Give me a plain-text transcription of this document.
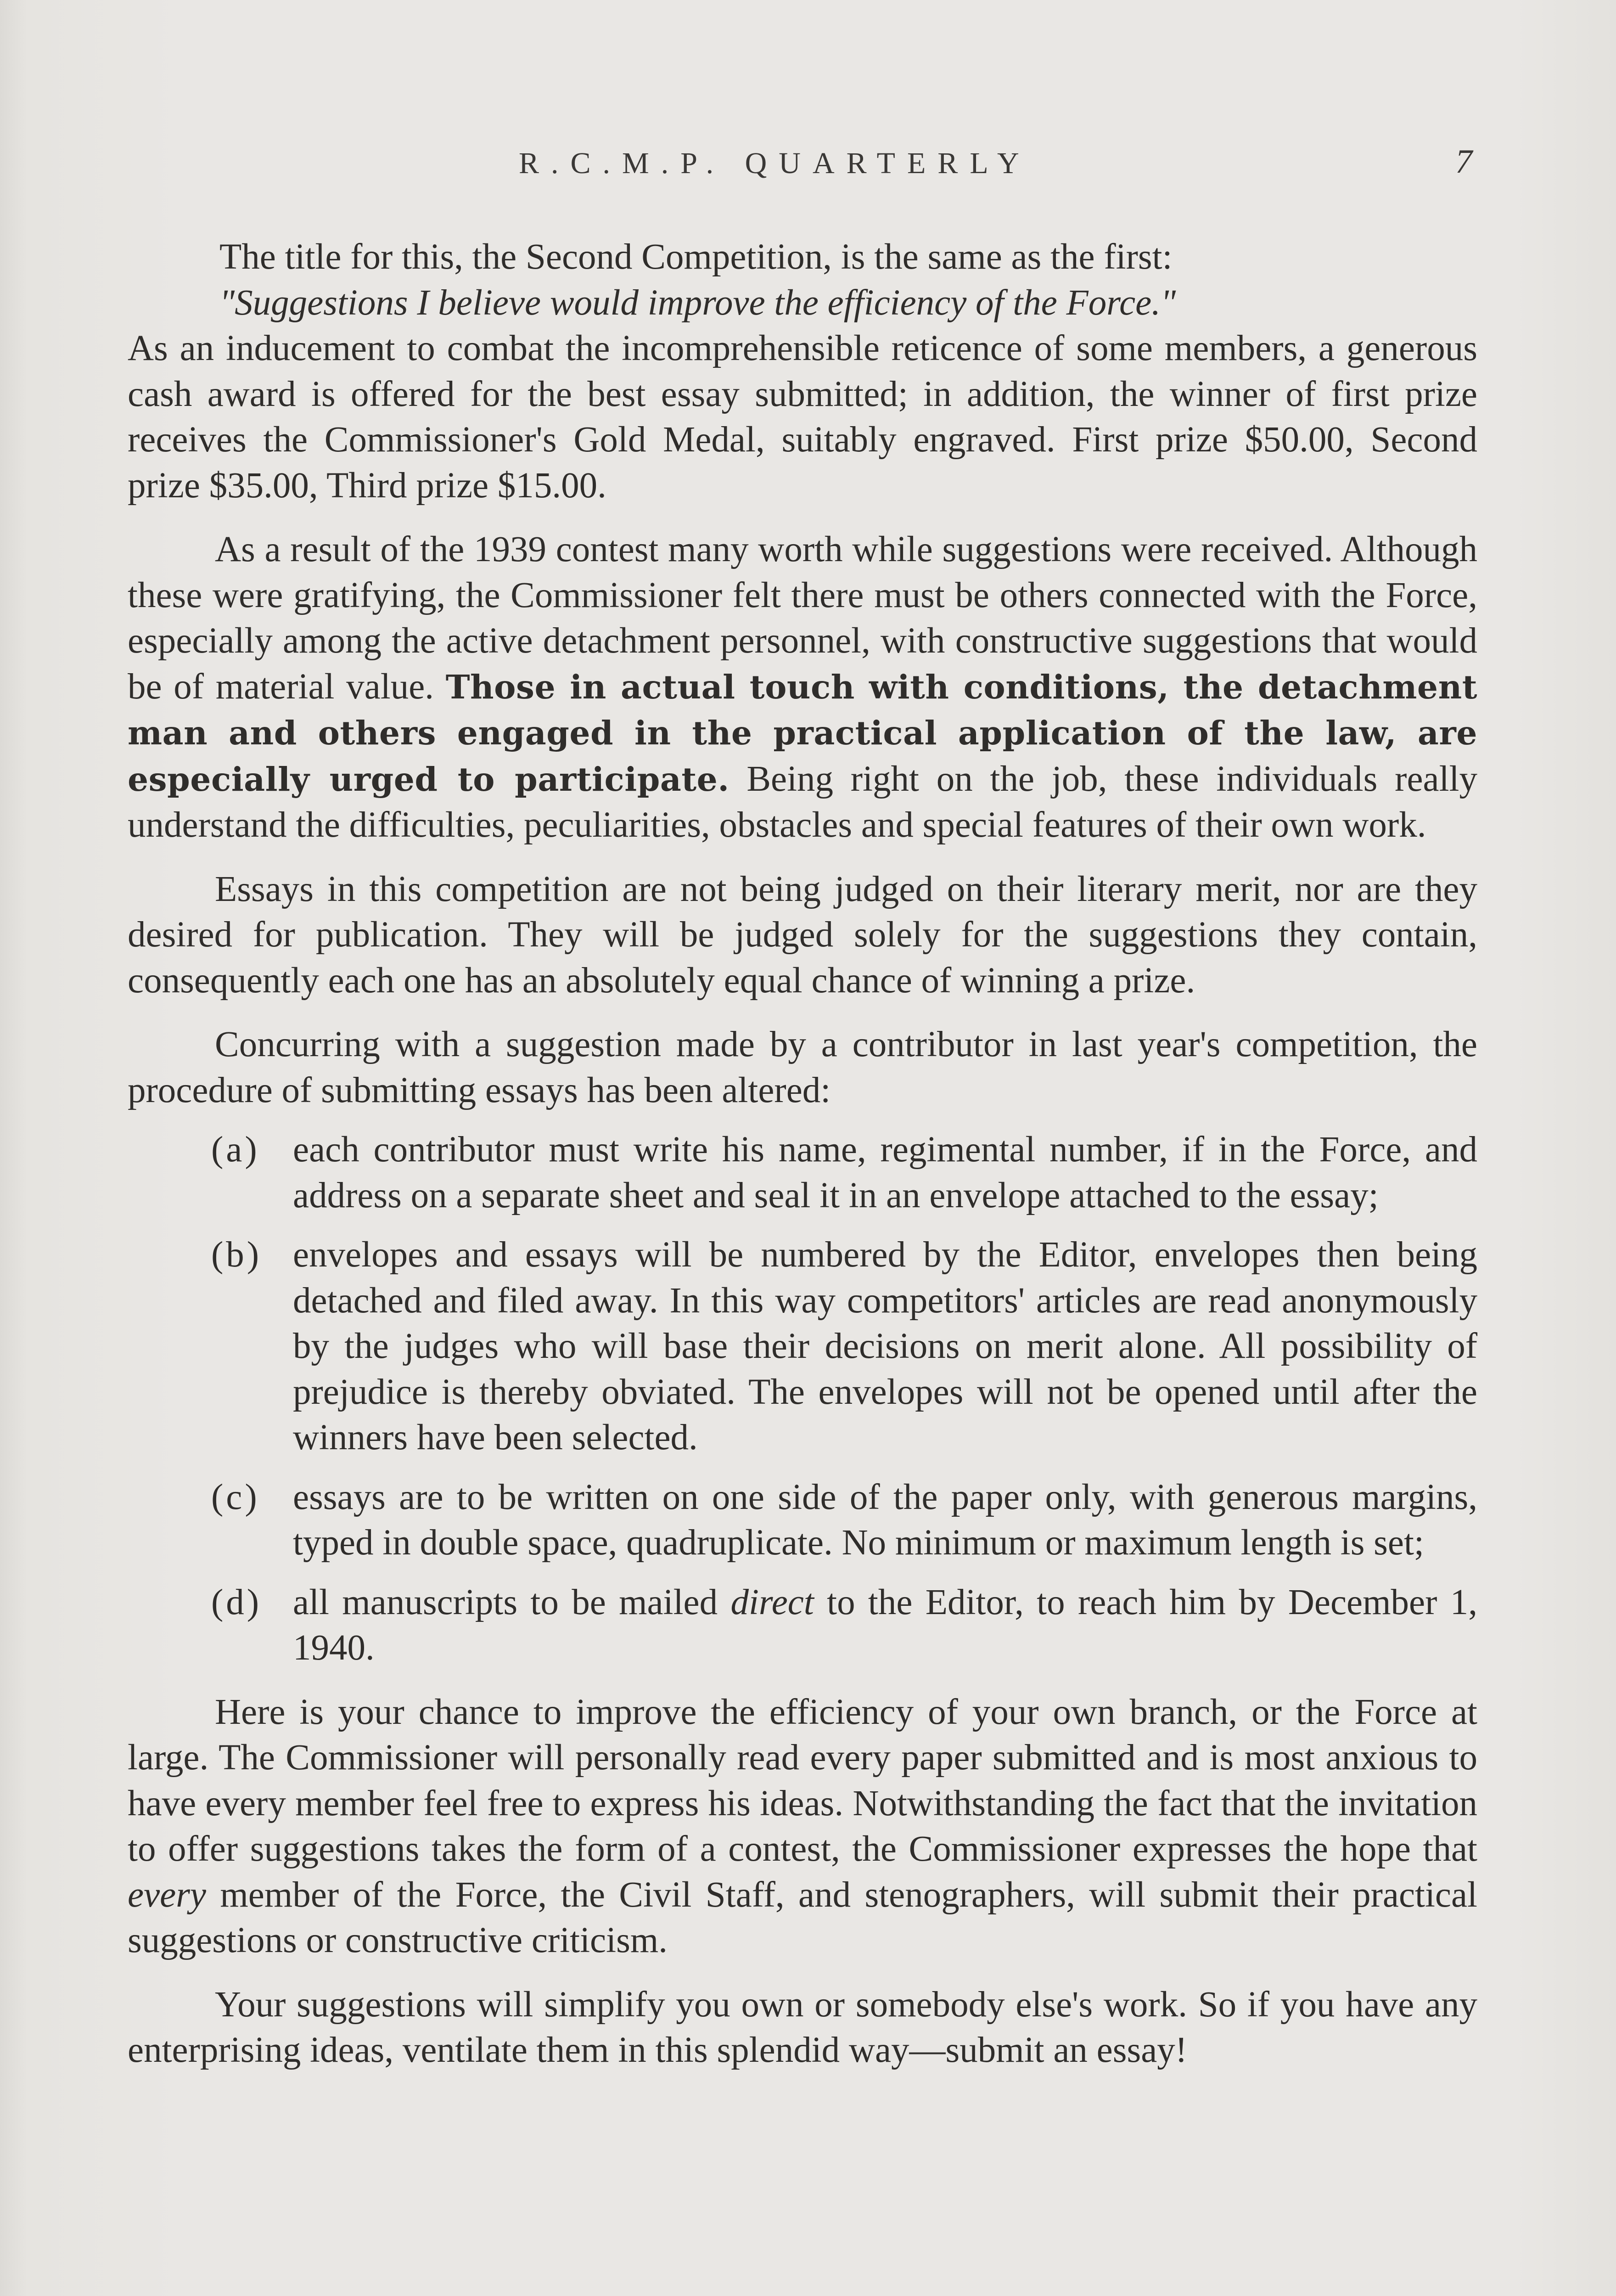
R.C.M.P. QUARTERLY	7

The title for this, the Second Competition, is the same as the first:

"Suggestions I believe would improve the efficiency of the Force."

As an inducement to combat the incomprehensible reticence of some members, a generous cash award is offered for the best essay submitted; in addition, the winner of first prize receives the Commissioner's Gold Medal, suitably engraved. First prize $50.00, Second prize $35.00, Third prize $15.00.

As a result of the 1939 contest many worth while suggestions were received. Although these were gratifying, the Commissioner felt there must be others connected with the Force, especially among the active detachment personnel, with constructive suggestions that would be of material value. Those in actual touch with conditions, the detachment man and others engaged in the practical application of the law, are especially urged to participate. Being right on the job, these individuals really understand the difficulties, peculiarities, obstacles and special features of their own work.

Essays in this competition are not being judged on their literary merit, nor are they desired for publication. They will be judged solely for the suggestions they contain, consequently each one has an absolutely equal chance of winning a prize.

Concurring with a suggestion made by a contributor in last year's competition, the procedure of submitting essays has been altered:

(a) each contributor must write his name, regimental number, if in the Force, and address on a separate sheet and seal it in an envelope attached to the essay;
(b) envelopes and essays will be numbered by the Editor, envelopes then being detached and filed away. In this way competitors' articles are read anonymously by the judges who will base their decisions on merit alone. All possibility of prejudice is thereby obviated. The envelopes will not be opened until after the winners have been selected.
(c) essays are to be written on one side of the paper only, with generous margins, typed in double space, quadruplicate. No minimum or maximum length is set;
(d) all manuscripts to be mailed direct to the Editor, to reach him by December 1, 1940.

Here is your chance to improve the efficiency of your own branch, or the Force at large. The Commissioner will personally read every paper submitted and is most anxious to have every member feel free to express his ideas. Notwithstanding the fact that the invitation to offer suggestions takes the form of a contest, the Commissioner expresses the hope that every member of the Force, the Civil Staff, and stenographers, will submit their practical suggestions or constructive criticism.

Your suggestions will simplify you own or somebody else's work. So if you have any enterprising ideas, ventilate them in this splendid way—submit an essay!
